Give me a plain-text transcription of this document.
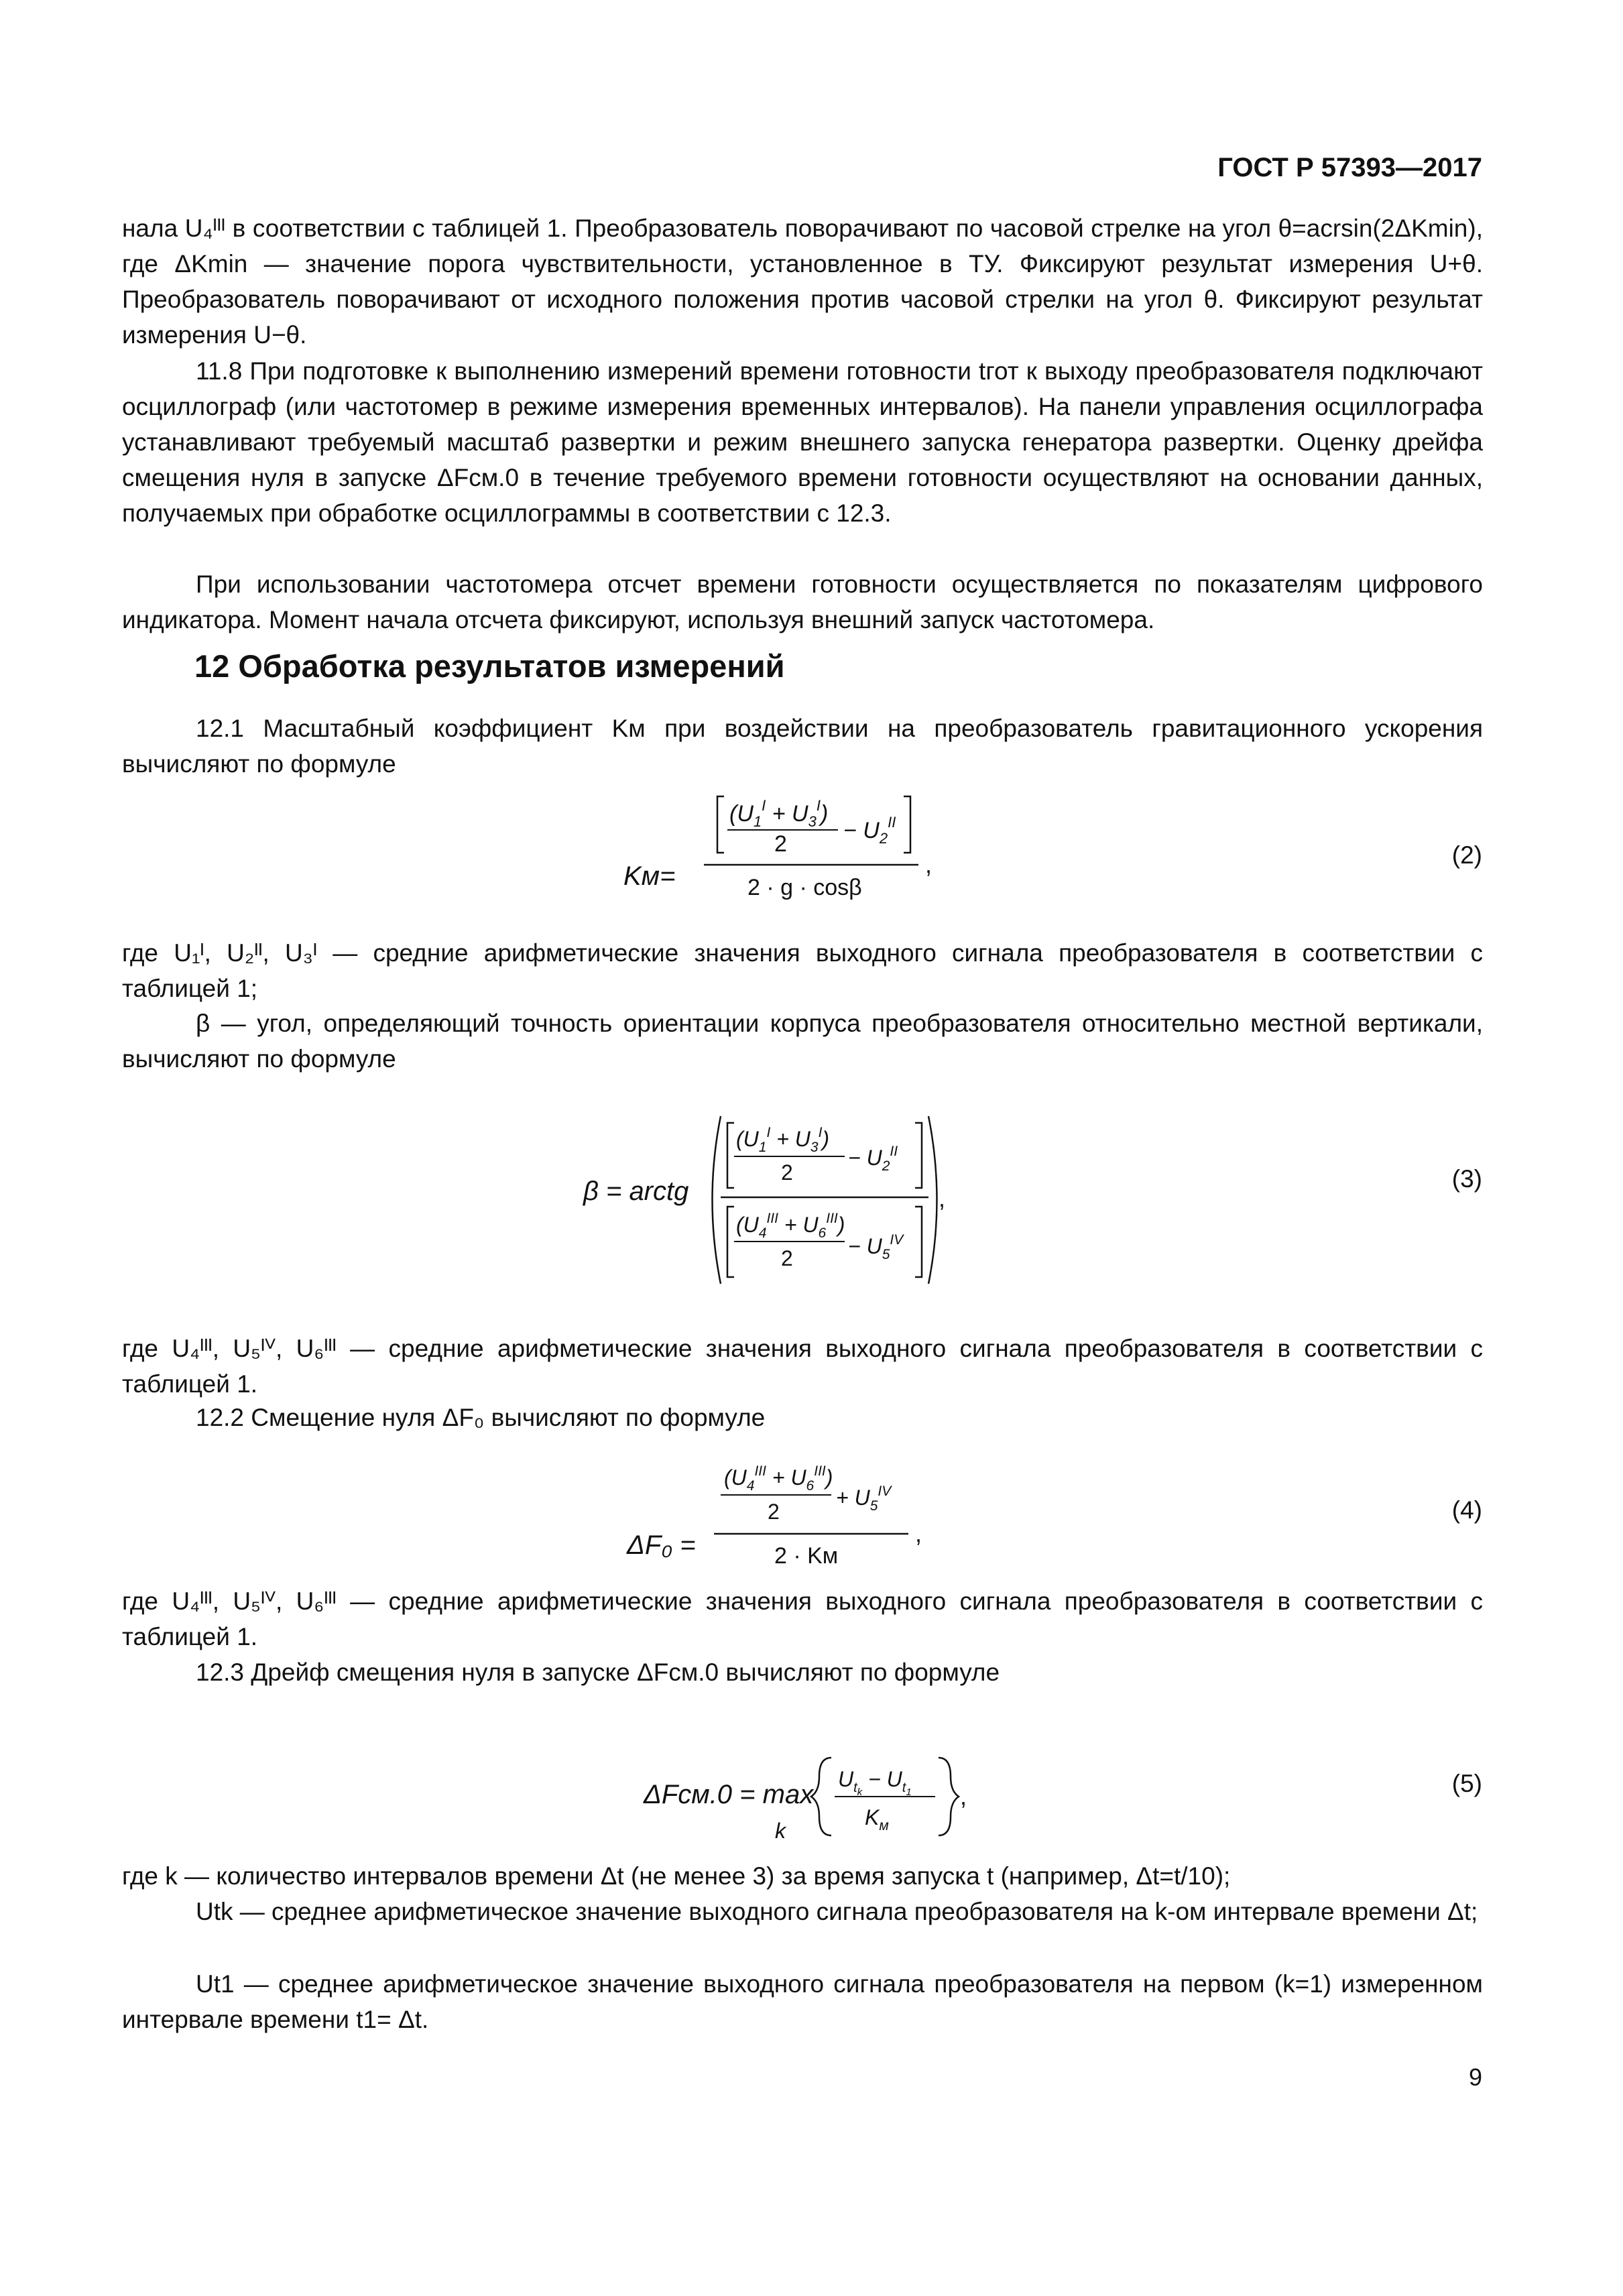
ГОСТ Р 57393—2017
нала U₄ᴵᴵᴵ в соответствии с таблицей 1. Преобразователь поворачивают по часовой стрелке на угол θ=acrsin(2ΔKmin), где ΔKmin — значение порога чувствительности, установленное в ТУ. Фиксируют результат измерения U+θ. Преобразователь поворачивают от исходного положения против часовой стрелки на угол θ. Фиксируют результат измерения U−θ.
11.8 При подготовке к выполнению измерений времени готовности tгот к выходу преобразователя подключают осциллограф (или частотомер в режиме измерения временных интервалов). На панели управления осциллографа устанавливают требуемый масштаб развертки и режим внешнего запуска генератора развертки. Оценку дрейфа смещения нуля в запуске ΔFсм.0 в течение требуемого времени готовности осуществляют на основании данных, получаемых при обработке осциллограммы в соответствии с 12.3.
При использовании частотомера отсчет времени готовности осуществляется по показателям цифрового индикатора. Момент начала отсчета фиксируют, используя внешний запуск частотомера.
12 Обработка результатов измерений
12.1 Масштабный коэффициент Kм при воздействии на преобразователь гравитационного ускорения вычисляют по формуле
Kм=
$(U_1^I + U_3^I)$
2
− $U_2^{II}$
2 · g · cosβ
,	(2)
где U₁ᴵ, U₂ᴵᴵ, U₃ᴵ — средние арифметические значения выходного сигнала преобразователя в соответствии с таблицей 1;
β — угол, определяющий точность ориентации корпуса преобразователя относительно местной вертикали, вычисляют по формуле
β = arctg
$(U_1^I + U_3^I)$
2
− $U_2^{II}$
$(U_4^{III} + U_6^{III})$
2	− $U_5^{IV}$
,
(3)
где U₄ᴵᴵᴵ, U₅ᴵⱽ, U₆ᴵᴵᴵ — средние арифметические значения выходного сигнала преобразователя в соответствии с таблицей 1.
12.2 Смещение нуля ΔF₀ вычисляют по формуле
ΔF₀ =
$(U_4^{III} + U_6^{III})$
2
+ $U_5^{IV}$
2 · Kм
,
(4)
где U₄ᴵᴵᴵ, U₅ᴵⱽ, U₆ᴵᴵᴵ — средние арифметические значения выходного сигнала преобразователя в соответствии с таблицей 1.
12.3 Дрейф смещения нуля в запуске ΔFсм.0 вычисляют по формуле
ΔFсм.0 = max
k
$U_tk - U_t1$
$K_м$
,	(5)
где k — количество интервалов времени Δt (не менее 3) за время запуска t (например, Δt=t/10);
Utk — среднее арифметическое значение выходного сигнала преобразователя на k-ом интервале времени Δt;
Ut1 — среднее арифметическое значение выходного сигнала преобразователя на первом (k=1) измеренном интервале времени t1= Δt.
9
